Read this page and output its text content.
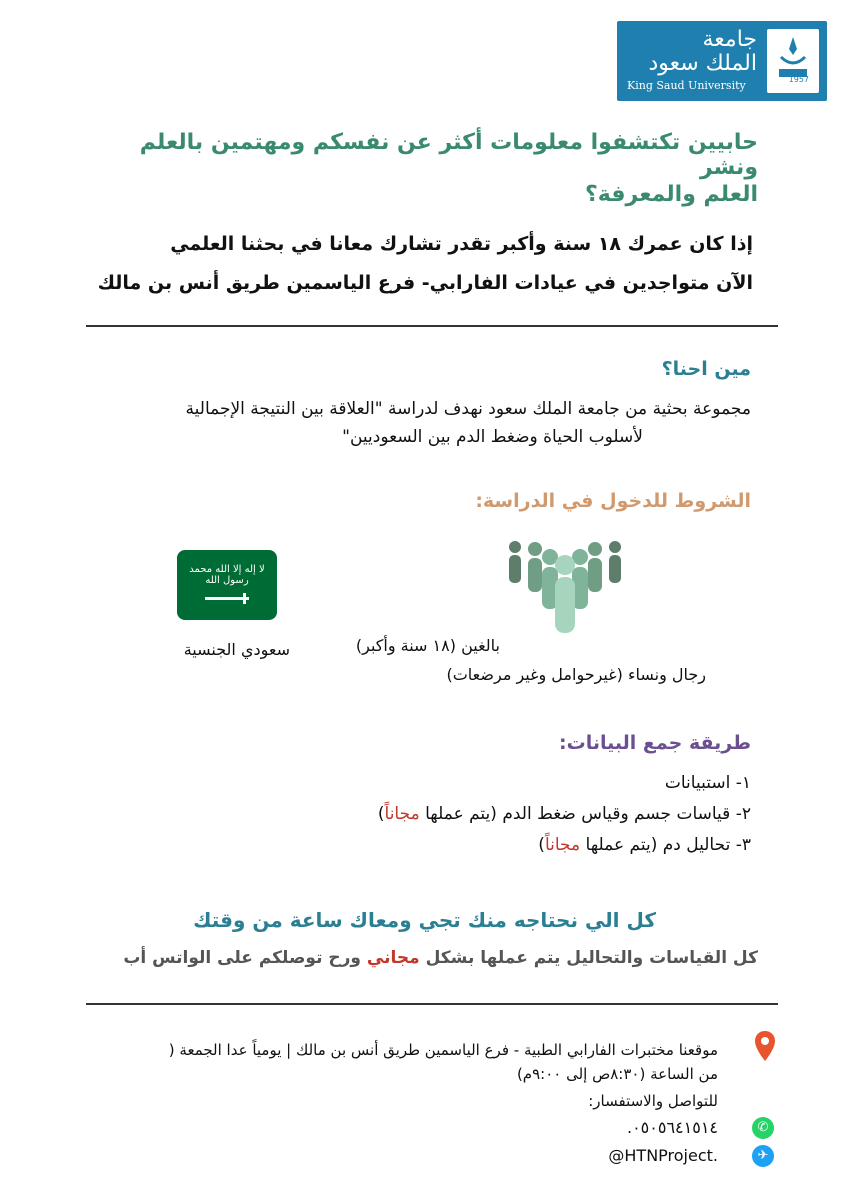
1957
جامعة
الملك سعود
King Saud University
حابيين تكتشفوا معلومات أكثر عن نفسكم ومهتمين بالعلم ونشر
العلم والمعرفة؟
إذا كان عمرك ١٨ سنة وأكبر تقدر تشارك معانا في بحثنا العلمي
الآن متواجدين في عيادات الفارابي- فرع الياسمين طريق أنس بن مالك
مين احنا؟
مجموعة بحثية من جامعة الملك سعود نهدف لدراسة "العلاقة بين النتيجة الإجمالية
لأسلوب الحياة وضغط الدم بين السعوديين"
الشروط للدخول في الدراسة:
لا إله إلا الله محمد رسول الله
بالغين (١٨ سنة وأكبر)
رجال ونساء (غيرحوامل وغير مرضعات)
سعودي الجنسية
طريقة جمع البيانات:
١- استبيانات
٢- قياسات جسم وقياس ضغط الدم (يتم عملها مجاناً)
٣- تحاليل دم (يتم عملها مجاناً)
كل الي نحتاجه منك تجي ومعاك ساعة من وقتك
كل القياسات والتحاليل يتم عملها بشكل مجاني ورح توصلكم على الواتس أب
موقعنا مختبرات الفارابي الطبية - فرع الياسمين طريق أنس بن مالك | يومياً عدا الجمعة (
من الساعة (٨:٣٠ص إلى ٩:٠٠م)
للتواصل والاستفسار:
✆
٠٥٠٥٦٤١٥١٤.
✈
@HTNProject.
